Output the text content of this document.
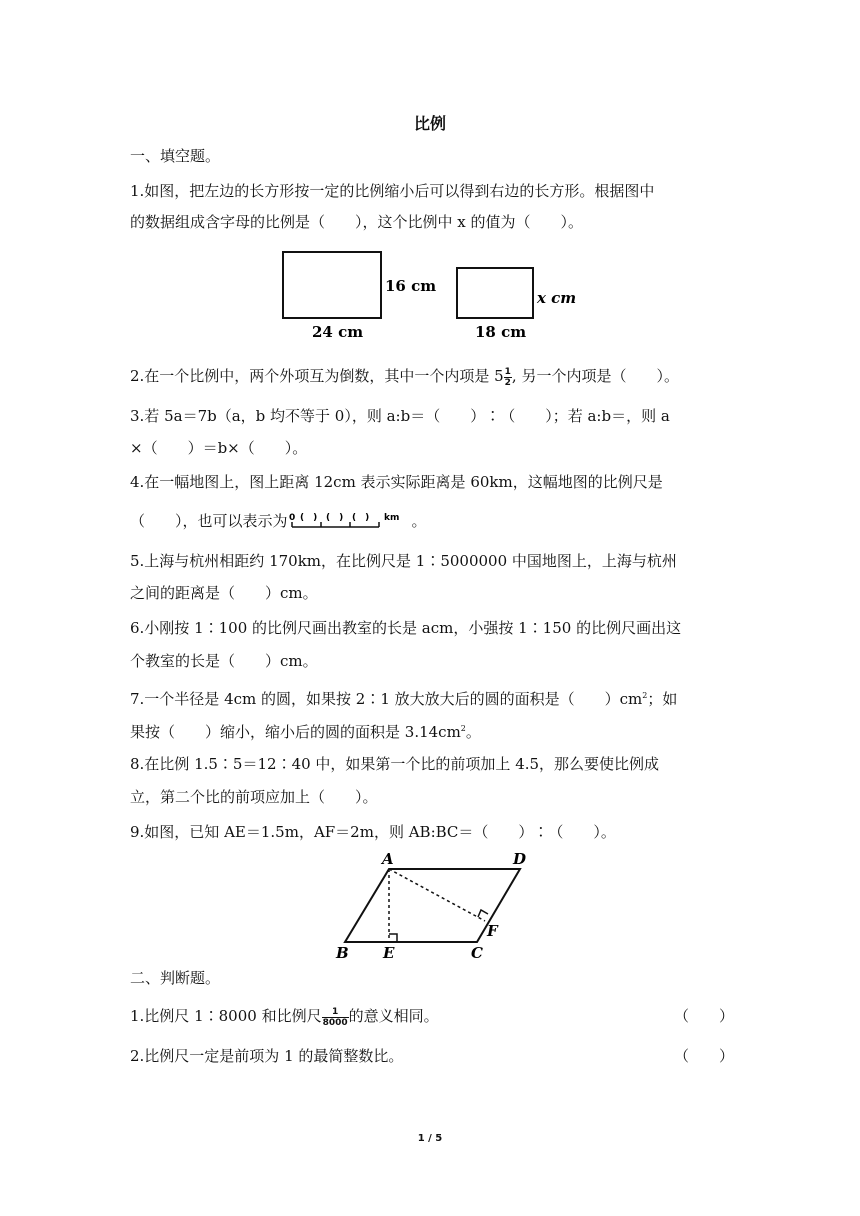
比例
一、填空题。
1.如图，把左边的长方形按一定的比例缩小后可以得到右边的长方形。根据图中
的数据组成含字母的比例是（　　），这个比例中 x 的值为（　　）。
16 cm
24 cm
x cm
18 cm
2.在一个比例中，两个外项互为倒数，其中一个内项是 $5 \frac{1}{2}$ , 另一个内项是（　　）。
3.若 5a＝7b（a，b 均不等于 0），则 a:b＝（　　）∶（　　）；若 a:b＝，则 a
×（　　）＝b×（　　）。
4.在一幅地图上，图上距离 12cm 表示实际距离是 60km，这幅地图的比例尺是
（　　），也可以表示为 0 (　) (　) (　) km 。
5.上海与杭州相距约 170km，在比例尺是 1∶5000000 中国地图上，上海与杭州
之间的距离是（　　）cm。
6.小刚按 1∶100 的比例尺画出教室的长是 acm，小强按 1∶150 的比例尺画出这
个教室的长是（　　）cm。
7.一个半径是 4cm 的圆，如果按 2∶1 放大放大后的圆的面积是（　　）$cm^2$；如
果按（　　）缩小，缩小后的圆的面积是 $3.14cm^2$。
8.在比例 1.5∶5＝12∶40 中，如果第一个比的前项加上 4.5，那么要使比例成
立，第二个比的前项应加上（　　）。
9.如图，已知 AE＝1.5m，AF＝2m，则 AB:BC＝（　　）∶（　　）。
A	D
B E	C
F
二、判断题。
1.比例尺 1∶8000 和比例尺 $\frac{1}{8000}$ 的意义相同。	（　　）
2.比例尺一定是前项为 1 的最简整数比。	（　　）
1 / 5
